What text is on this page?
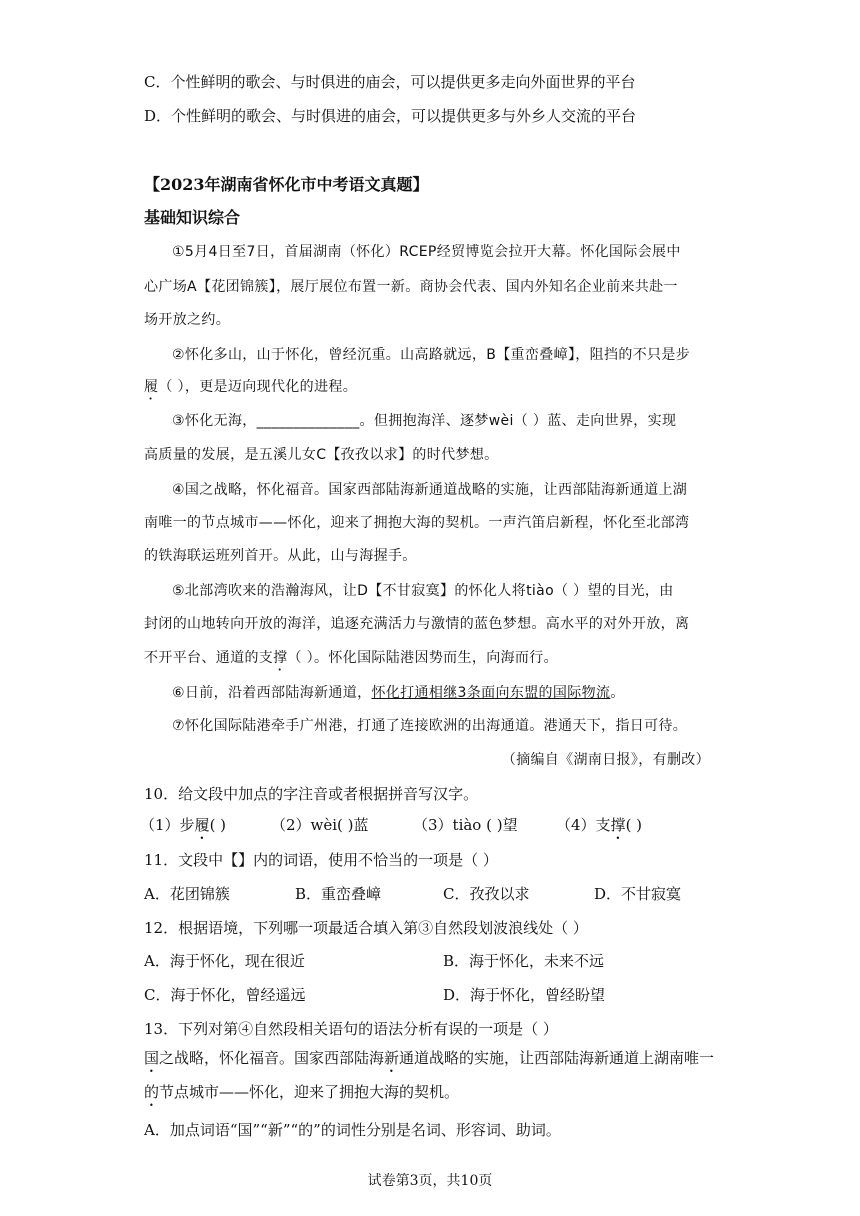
C．个性鲜明的歌会、与时俱进的庙会，可以提供更多走向外面世界的平台
D．个性鲜明的歌会、与时俱进的庙会，可以提供更多与外乡人交流的平台
【2023年湖南省怀化市中考语文真题】
基础知识综合
①5月4日至7日，首届湖南（怀化）RCEP经贸博览会拉开大幕。怀化国际会展中
心广场A【花团锦簇】，展厅展位布置一新。商协会代表、国内外知名企业前来共赴一
场开放之约。
②怀化多山，山于怀化，曾经沉重。山高路就远，B【重峦叠嶂】，阻挡的不只是步
履（ ），更是迈向现代化的进程。
③怀化无海，______________。但拥抱海洋、逐梦wèi（ ）蓝、走向世界，实现
高质量的发展，是五溪儿女C【孜孜以求】的时代梦想。
④国之战略，怀化福音。国家西部陆海新通道战略的实施，让西部陆海新通道上湖
南唯一的节点城市——怀化，迎来了拥抱大海的契机。一声汽笛启新程，怀化至北部湾
的铁海联运班列首开。从此，山与海握手。
⑤北部湾吹来的浩瀚海风，让D【不甘寂寞】的怀化人将tiào（ ）望的目光，由
封闭的山地转向开放的海洋，追逐充满活力与激情的蓝色梦想。高水平的对外开放，离
不开平台、通道的支撑（ ）。怀化国际陆港因势而生，向海而行。
⑥日前，沿着西部陆海新通道，怀化打通相继3条面向东盟的国际物流。
⑦怀化国际陆港牵手广州港，打通了连接欧洲的出海通道。港通天下，指日可待。
（摘编自《湖南日报》，有删改）
10．给文段中加点的字注音或者根据拼音写汉字。
（1）步履( )	（2）wèi( )蓝	（3）tiào ( )望	（4）支撑( )
11．文段中【】内的词语，使用不恰当的一项是（ ）
A．花团锦簇	B．重峦叠嶂	C．孜孜以求	D．不甘寂寞
12．根据语境，下列哪一项最适合填入第③自然段划波浪线处（ ）
A．海于怀化，现在很近	B．海于怀化，未来不远
C．海于怀化，曾经遥远	D．海于怀化，曾经盼望
13．下列对第④自然段相关语句的语法分析有误的一项是（ ）
国之战略，怀化福音。国家西部陆海新通道战略的实施，让西部陆海新通道上湖南唯一
的节点城市——怀化，迎来了拥抱大海的契机。
A．加点词语“国”“新”“的”的词性分别是名词、形容词、助词。
试卷第3页，共10页
